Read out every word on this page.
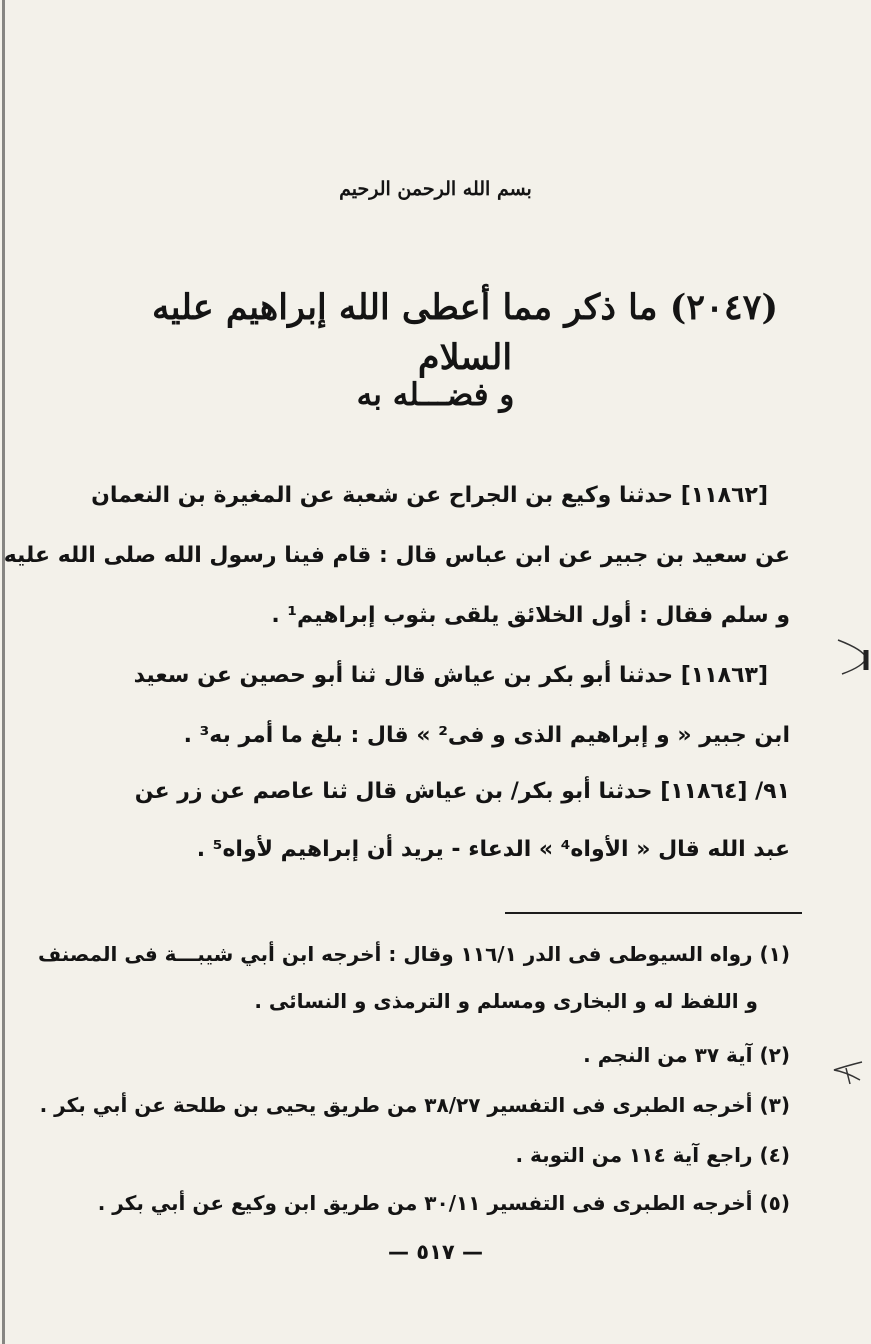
بسم الله الرحمن الرحيم
(٢٠٤٧) ما ذكر مما أعطى الله إبراهيم عليه السلام
و فضـــله به
[١١٨٦٢] حدثنا وكيع بن الجراح عن شعبة عن المغيرة بن النعمان
عن سعيد بن جبير عن ابن عباس قال : قام فينا رسول الله صلى الله عليه
و سلم فقال : أول الخلائق يلقى بثوب إبراهيم¹ .
[١١٨٦٣] حدثنا أبو بكر بن عياش قال ثنا أبو حصين عن سعيد
ابن جبير « و إبراهيم الذى و فى² » قال : بلغ ما أمر به³ .
٩١/ [١١٨٦٤] حدثنا أبو بكر/ بن عياش قال ثنا عاصم عن زر عن
عبد الله قال « الأواه⁴ » الدعاء - يريد أن إبراهيم لأواه⁵ .
(١) رواه السيوطى فى الدر ١١٦/١ وقال : أخرجه ابن أبي شيبـــة فى المصنف
و اللفظ له و البخارى ومسلم و الترمذى و النسائى .
(٢) آية ٣٧ من النجم .
(٣) أخرجه الطبرى فى التفسير ٣٨/٢٧ من طريق يحيى بن طلحة عن أبي بكر .
(٤) راجع آية ١١٤ من التوبة .
(٥) أخرجه الطبرى فى التفسير ٣٠/١١ من طريق ابن وكيع عن أبي بكر .
— ٥١٧ —
